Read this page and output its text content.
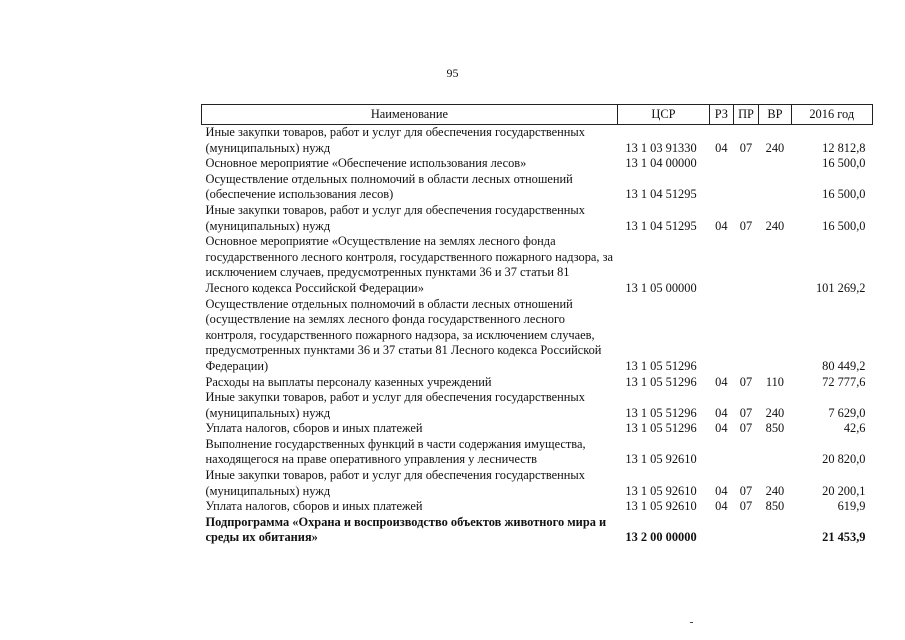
95
Наименование	ЦСР	РЗ	ПР	ВР	2016 год
Иные закупки товаров, работ и услуг для обеспечения государственных (муниципальных) нужд	13 1 03 91330	04	07	240	12 812,8
Основное мероприятие «Обеспечение использования лесов»	13 1 04 00000				16 500,0
Осуществление отдельных полномочий в области лесных отношений (обеспечение использования лесов)	13 1 04 51295				16 500,0
Иные закупки товаров, работ и услуг для обеспечения государственных (муниципальных) нужд	13 1 04 51295	04	07	240	16 500,0
Основное мероприятие «Осуществление на землях лесного фонда государственного лесного контроля, государственного пожарного надзора, за исключением случаев, предусмотренных пунктами 36 и 37 статьи 81 Лесного кодекса Российской Федерации»	13 1 05 00000				101 269,2
Осуществление отдельных полномочий в области лесных отношений (осуществление на землях лесного фонда государственного лесного контроля, государственного пожарного надзора, за исключением случаев, предусмотренных пунктами 36 и 37 статьи 81 Лесного кодекса Российской Федерации)	13 1 05 51296				80 449,2
Расходы на выплаты персоналу казенных учреждений	13 1 05 51296	04	07	110	72 777,6
Иные закупки товаров, работ и услуг для обеспечения государственных (муниципальных) нужд	13 1 05 51296	04	07	240	7 629,0
Уплата налогов, сборов и иных платежей	13 1 05 51296	04	07	850	42,6
Выполнение государственных функций в части содержания имущества, находящегося на праве оперативного управления у лесничеств	13 1 05 92610				20 820,0
Иные закупки товаров, работ и услуг для обеспечения государственных (муниципальных) нужд	13 1 05 92610	04	07	240	20 200,1
Уплата налогов, сборов и иных платежей	13 1 05 92610	04	07	850	619,9
Подпрограмма «Охрана и воспроизводство объектов животного мира и среды их обитания»	13 2 00 00000				21 453,9
